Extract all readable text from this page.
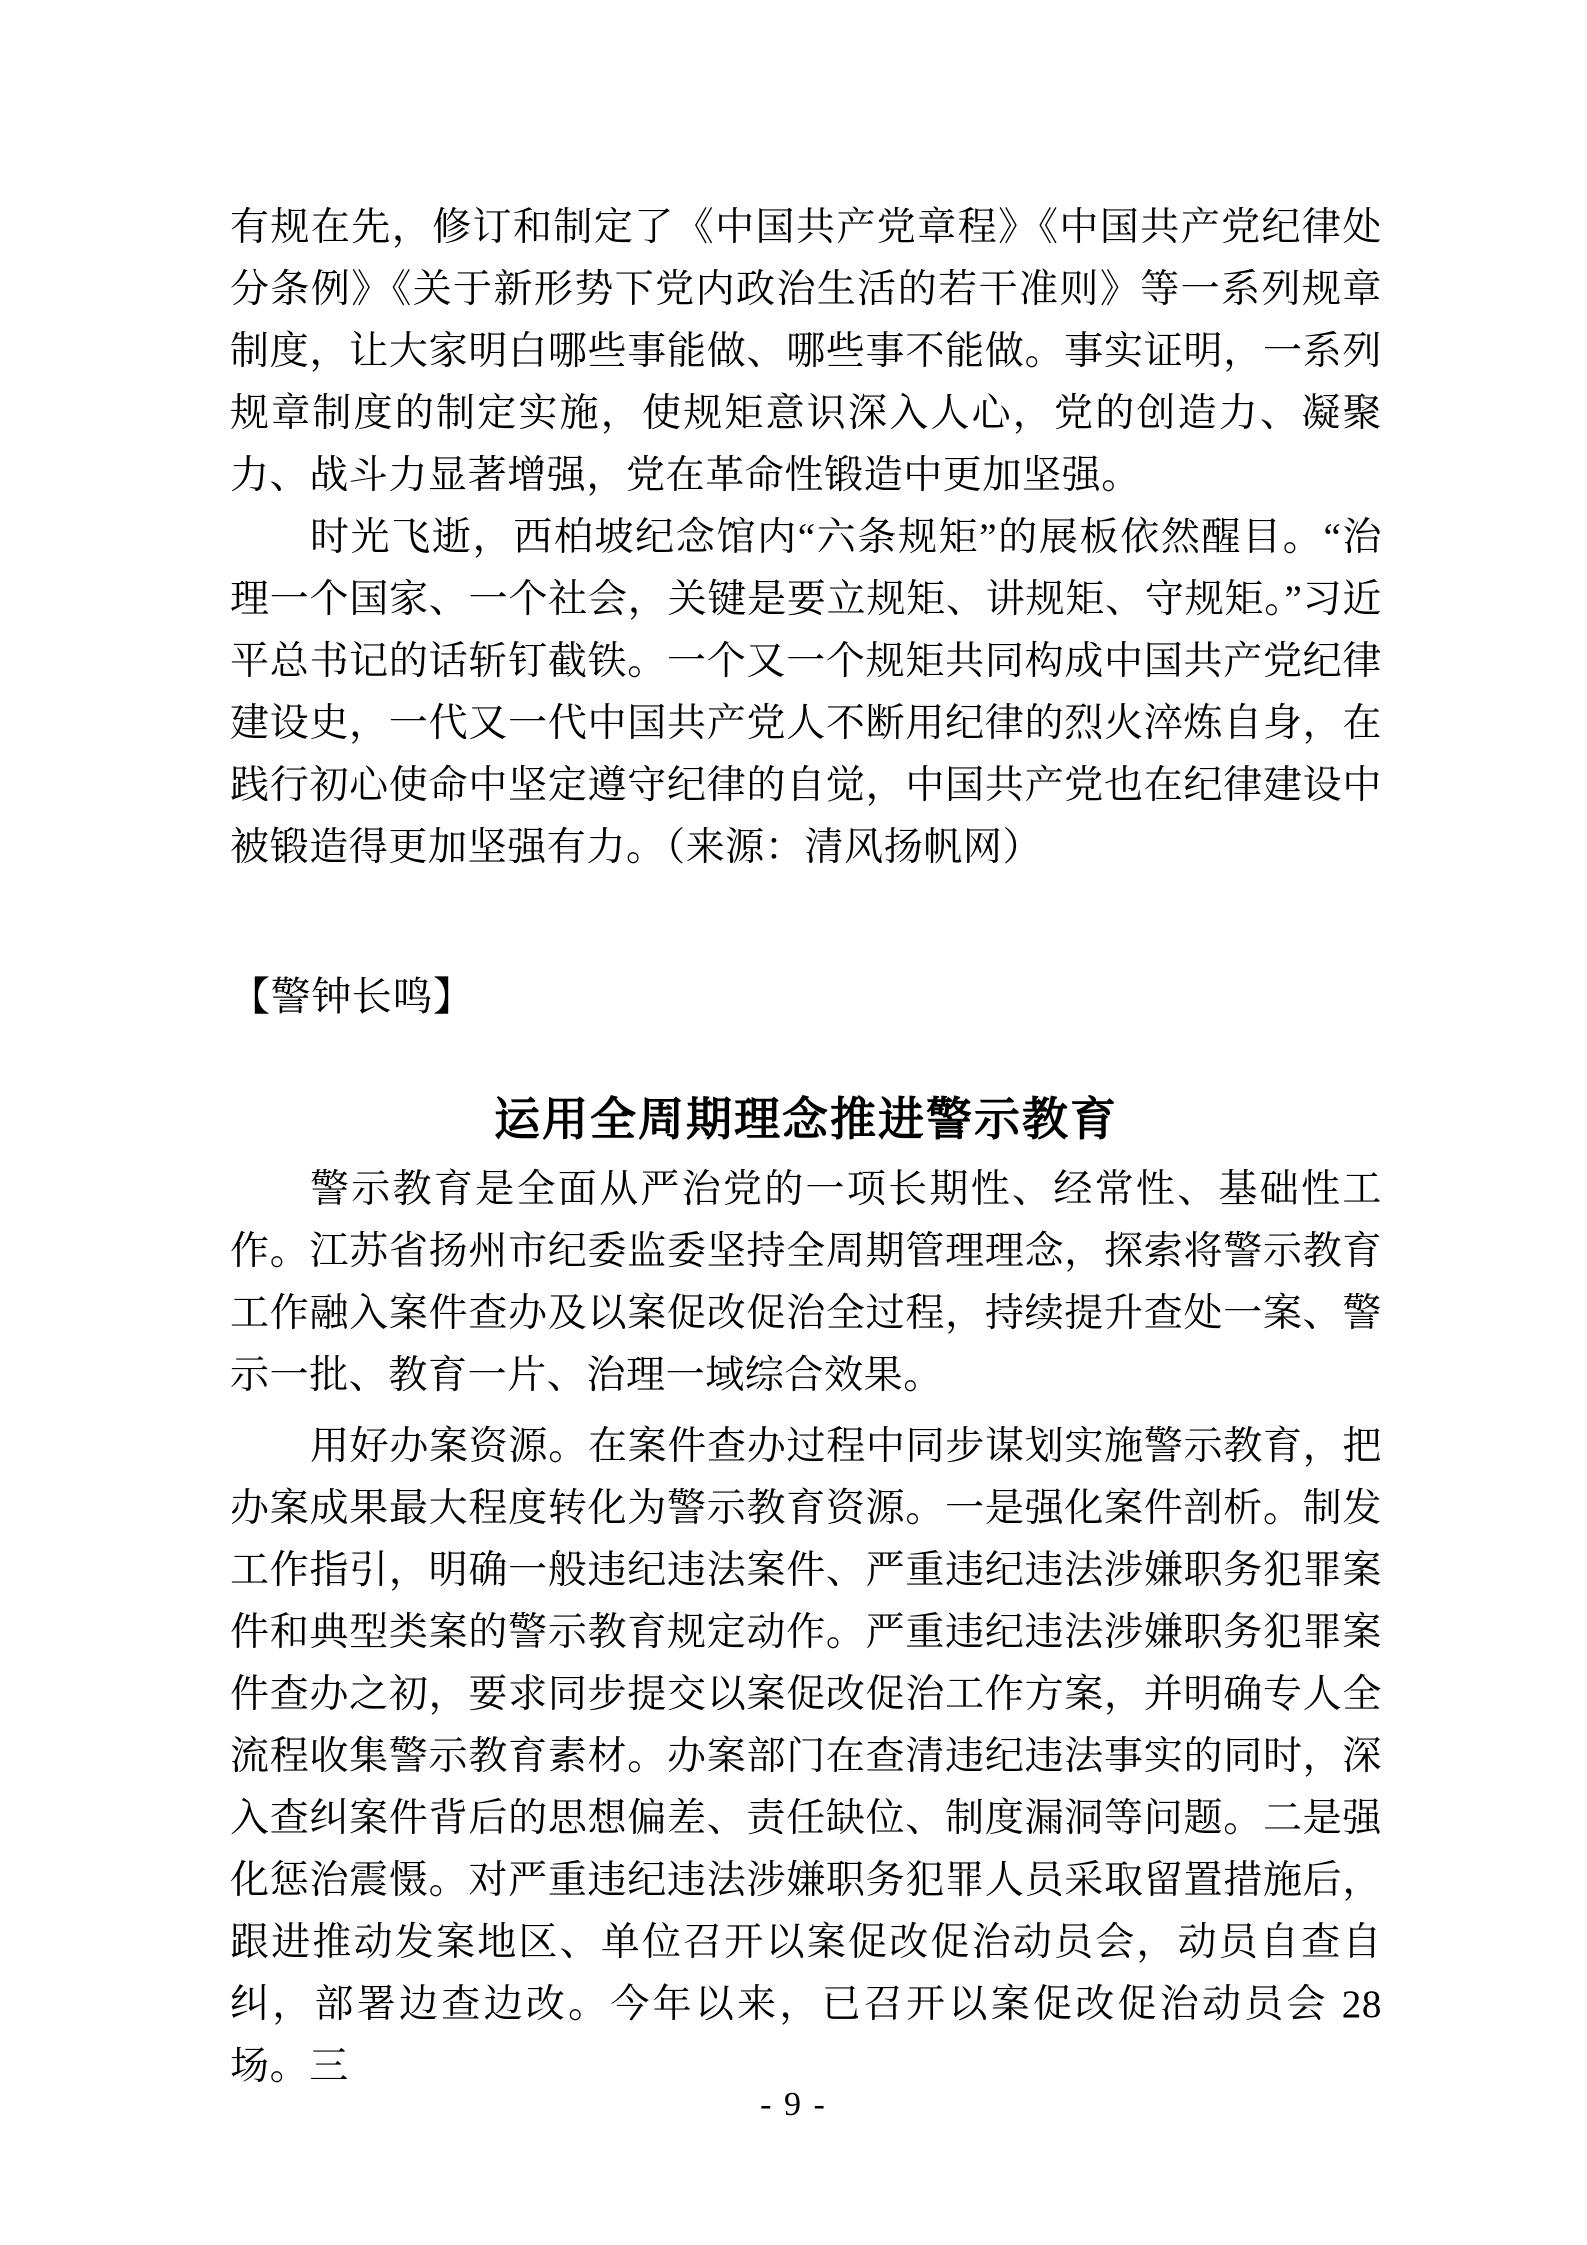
有规在先，修订和制定了《中国共产党章程》《中国共产党纪律处分条例》《关于新形势下党内政治生活的若干准则》等一系列规章制度，让大家明白哪些事能做、哪些事不能做。事实证明，一系列规章制度的制定实施，使规矩意识深入人心，党的创造力、凝聚力、战斗力显著增强，党在革命性锻造中更加坚强。

时光飞逝，西柏坡纪念馆内“六条规矩”的展板依然醒目。“治理一个国家、一个社会，关键是要立规矩、讲规矩、守规矩。”习近平总书记的话斩钉截铁。一个又一个规矩共同构成中国共产党纪律建设史，一代又一代中国共产党人不断用纪律的烈火淬炼自身，在践行初心使命中坚定遵守纪律的自觉，中国共产党也在纪律建设中被锻造得更加坚强有力。（来源：清风扬帆网）

【警钟长鸣】

运用全周期理念推进警示教育

警示教育是全面从严治党的一项长期性、经常性、基础性工作。江苏省扬州市纪委监委坚持全周期管理理念，探索将警示教育工作融入案件查办及以案促改促治全过程，持续提升查处一案、警示一批、教育一片、治理一域综合效果。

用好办案资源。在案件查办过程中同步谋划实施警示教育，把办案成果最大程度转化为警示教育资源。一是强化案件剖析。制发工作指引，明确一般违纪违法案件、严重违纪违法涉嫌职务犯罪案件和典型类案的警示教育规定动作。严重违纪违法涉嫌职务犯罪案件查办之初，要求同步提交以案促改促治工作方案，并明确专人全流程收集警示教育素材。办案部门在查清违纪违法事实的同时，深入查纠案件背后的思想偏差、责任缺位、制度漏洞等问题。二是强化惩治震慑。对严重违纪违法涉嫌职务犯罪人员采取留置措施后，跟进推动发案地区、单位召开以案促改促治动员会，动员自查自纠，部署边查边改。今年以来，已召开以案促改促治动员会 28 场。三

- 9 -
